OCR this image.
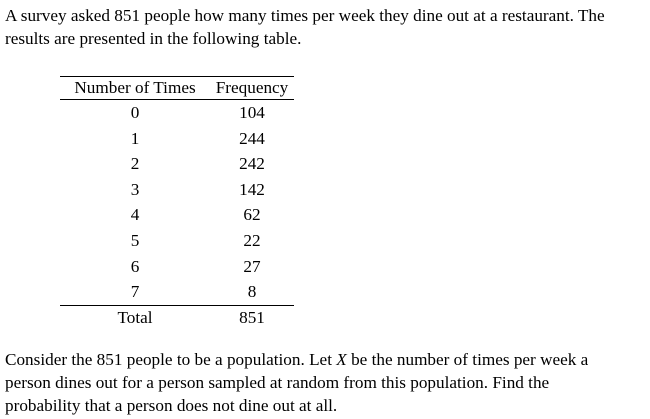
A survey asked 851 people how many times per week they dine out at a restaurant. The
results are presented in the following table.

Number of Times	Frequency
0	104
1	244
2	242
3	142
4	62
5	22
6	27
7	8
Total	851

Consider the 851 people to be a population. Let X be the number of times per week a
person dines out for a person sampled at random from this population. Find the
probability that a person does not dine out at all.
